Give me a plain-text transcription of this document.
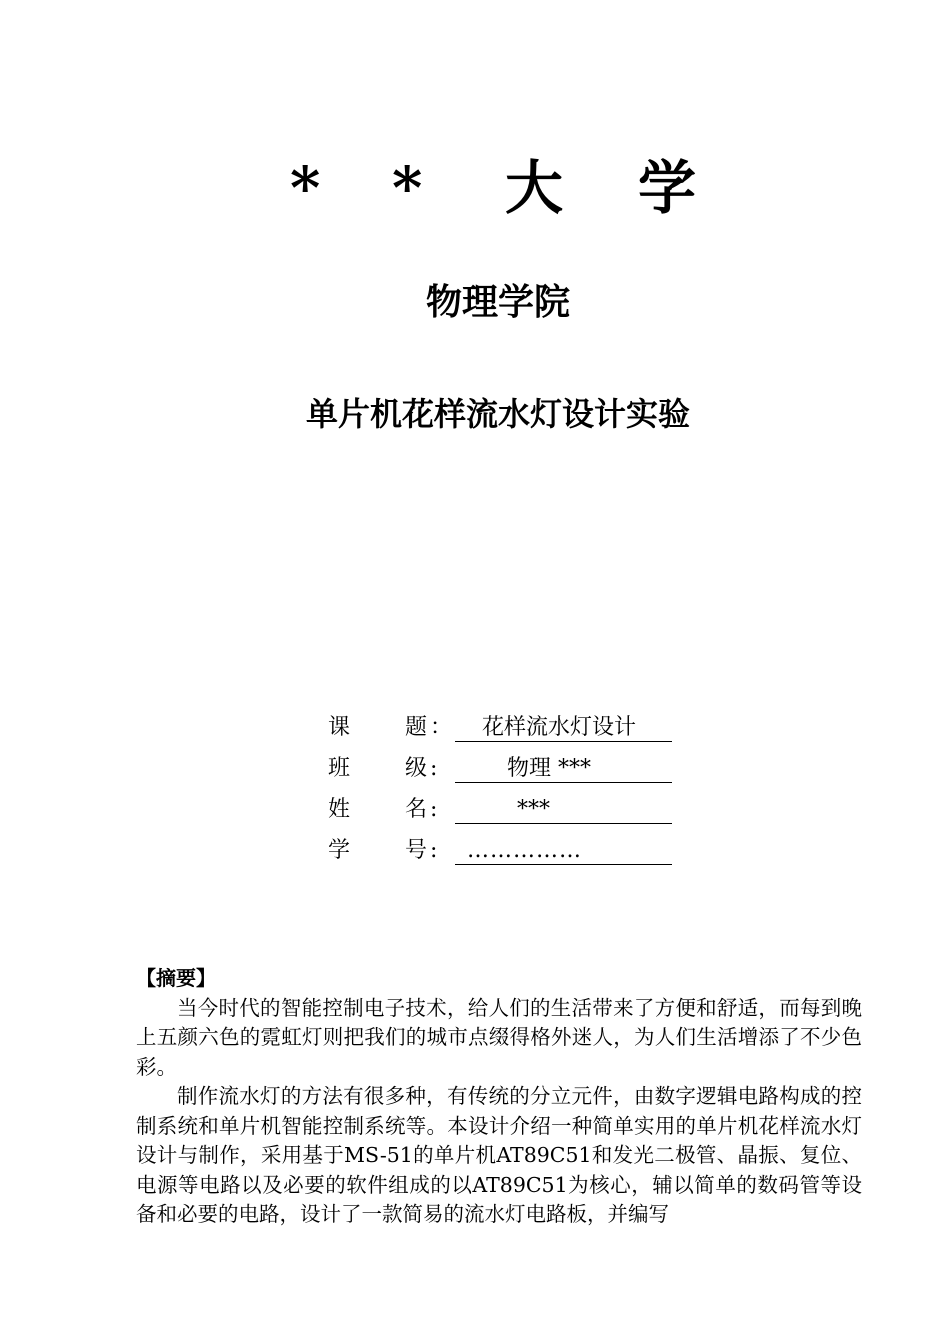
* * 大 学
物理学院
单片机花样流水灯设计实验
课 题 ： 花样流水灯设计
班 级 :	物理 ***
姓 名 :	***
学 号 : ……………
【摘要】

当今时代的智能控制电子技术，给人们的生活带来了方便和舒适，而每到晚上五颜六色的霓虹灯则把我们的城市点缀得格外迷人，为人们生活增添了不少色彩。

制作流水灯的方法有很多种，有传统的分立元件，由数字逻辑电路构成的控制系统和单片机智能控制系统等。本设计介绍一种简单实用的单片机花样流水灯设计与制作，采用基于MS-51的单片机AT89C51和发光二极管、晶振、复位、电源等电路以及必要的软件组成的以AT89C51为核心，辅以简单的数码管等设备和必要的电路，设计了一款简易的流水灯电路板，并编写
